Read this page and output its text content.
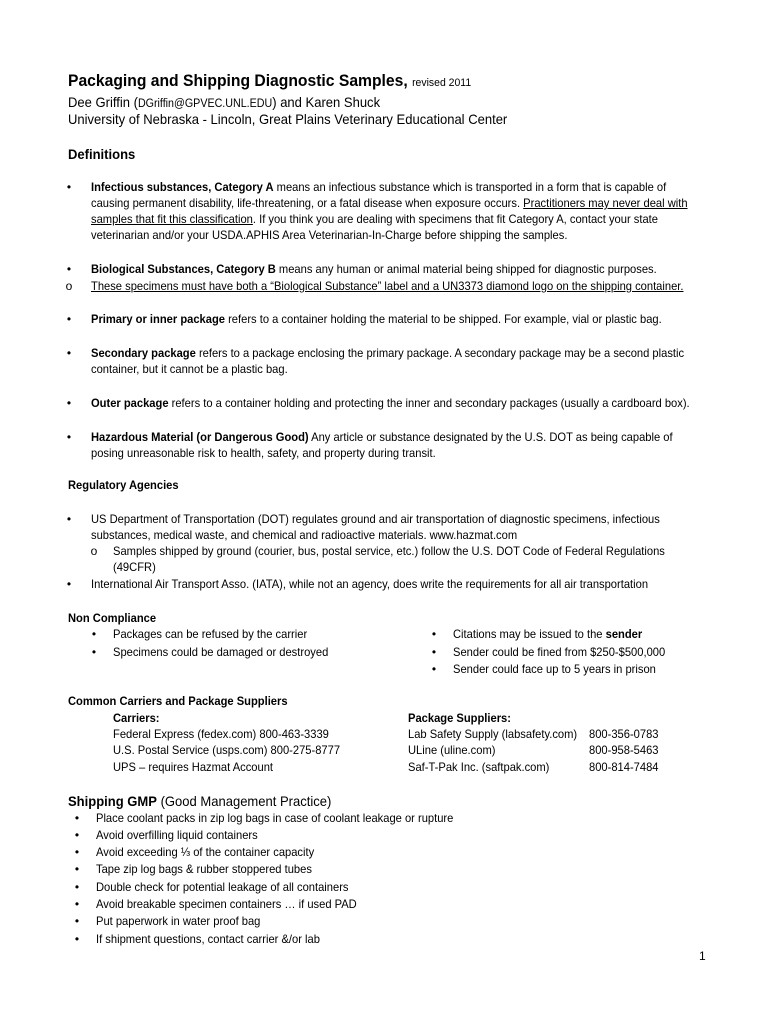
Packaging and Shipping Diagnostic Samples, revised 2011
Dee Griffin (DGriffin@GPVEC.UNL.EDU) and Karen Shuck
University of Nebraska - Lincoln, Great Plains Veterinary Educational Center
Definitions
•	Infectious substances, Category A means an infectious substance which is transported in a form that is capable of
causing permanent disability, life-threatening, or a fatal disease when exposure occurs. Practitioners may never deal with
samples that fit this classification. If you think you are dealing with specimens that fit Category A, contact your state
veterinarian and/or your USDA.APHIS Area Veterinarian-In-Charge before shipping the samples.
•	Biological Substances, Category B means any human or animal material being shipped for diagnostic purposes.
o These specimens must have both a “Biological Substance” label and a UN3373 diamond logo on the shipping container.
•	Primary or inner package refers to a container holding the material to be shipped. For example, vial or plastic bag.
•	Secondary package refers to a package enclosing the primary package. A secondary package may be a second plastic
container, but it cannot be a plastic bag.
•	Outer package refers to a container holding and protecting the inner and secondary packages (usually a cardboard box).
•	Hazardous Material (or Dangerous Good) Any article or substance designated by the U.S. DOT as being capable of
posing unreasonable risk to health, safety, and property during transit.
Regulatory Agencies
•	US Department of Transportation (DOT) regulates ground and air transportation of diagnostic specimens, infectious
substances, medical waste, and chemical and radioactive materials. www.hazmat.com
o Samples shipped by ground (courier, bus, postal service, etc.) follow the U.S. DOT Code of Federal Regulations
(49CFR)
•	International Air Transport Asso. (IATA), while not an agency, does write the requirements for all air transportation
Non Compliance
•	Packages can be refused by the carrier
•	Specimens could be damaged or destroyed
•	Citations may be issued to the sender
•	Sender could be fined from $250-$500,000
•	Sender could face up to 5 years in prison
Common Carriers and Package Suppliers
Carriers:
Federal Express (fedex.com) 800-463-3339
U.S. Postal Service (usps.com) 800-275-8777
UPS – requires Hazmat Account
Package Suppliers:
Lab Safety Supply (labsafety.com) 800-356-0783
ULine (uline.com)	800-958-5463
Saf-T-Pak Inc. (saftpak.com)	800-814-7484
Shipping GMP (Good Management Practice)
•	Place coolant packs in zip log bags in case of coolant leakage or rupture
•	Avoid overfilling liquid containers
•	Avoid exceeding ⅓ of the container capacity
•	Tape zip log bags & rubber stoppered tubes
•	Double check for potential leakage of all containers
•	Avoid breakable specimen containers … if used PAD
•	Put paperwork in water proof bag
•	If shipment questions, contact carrier &/or lab
1
